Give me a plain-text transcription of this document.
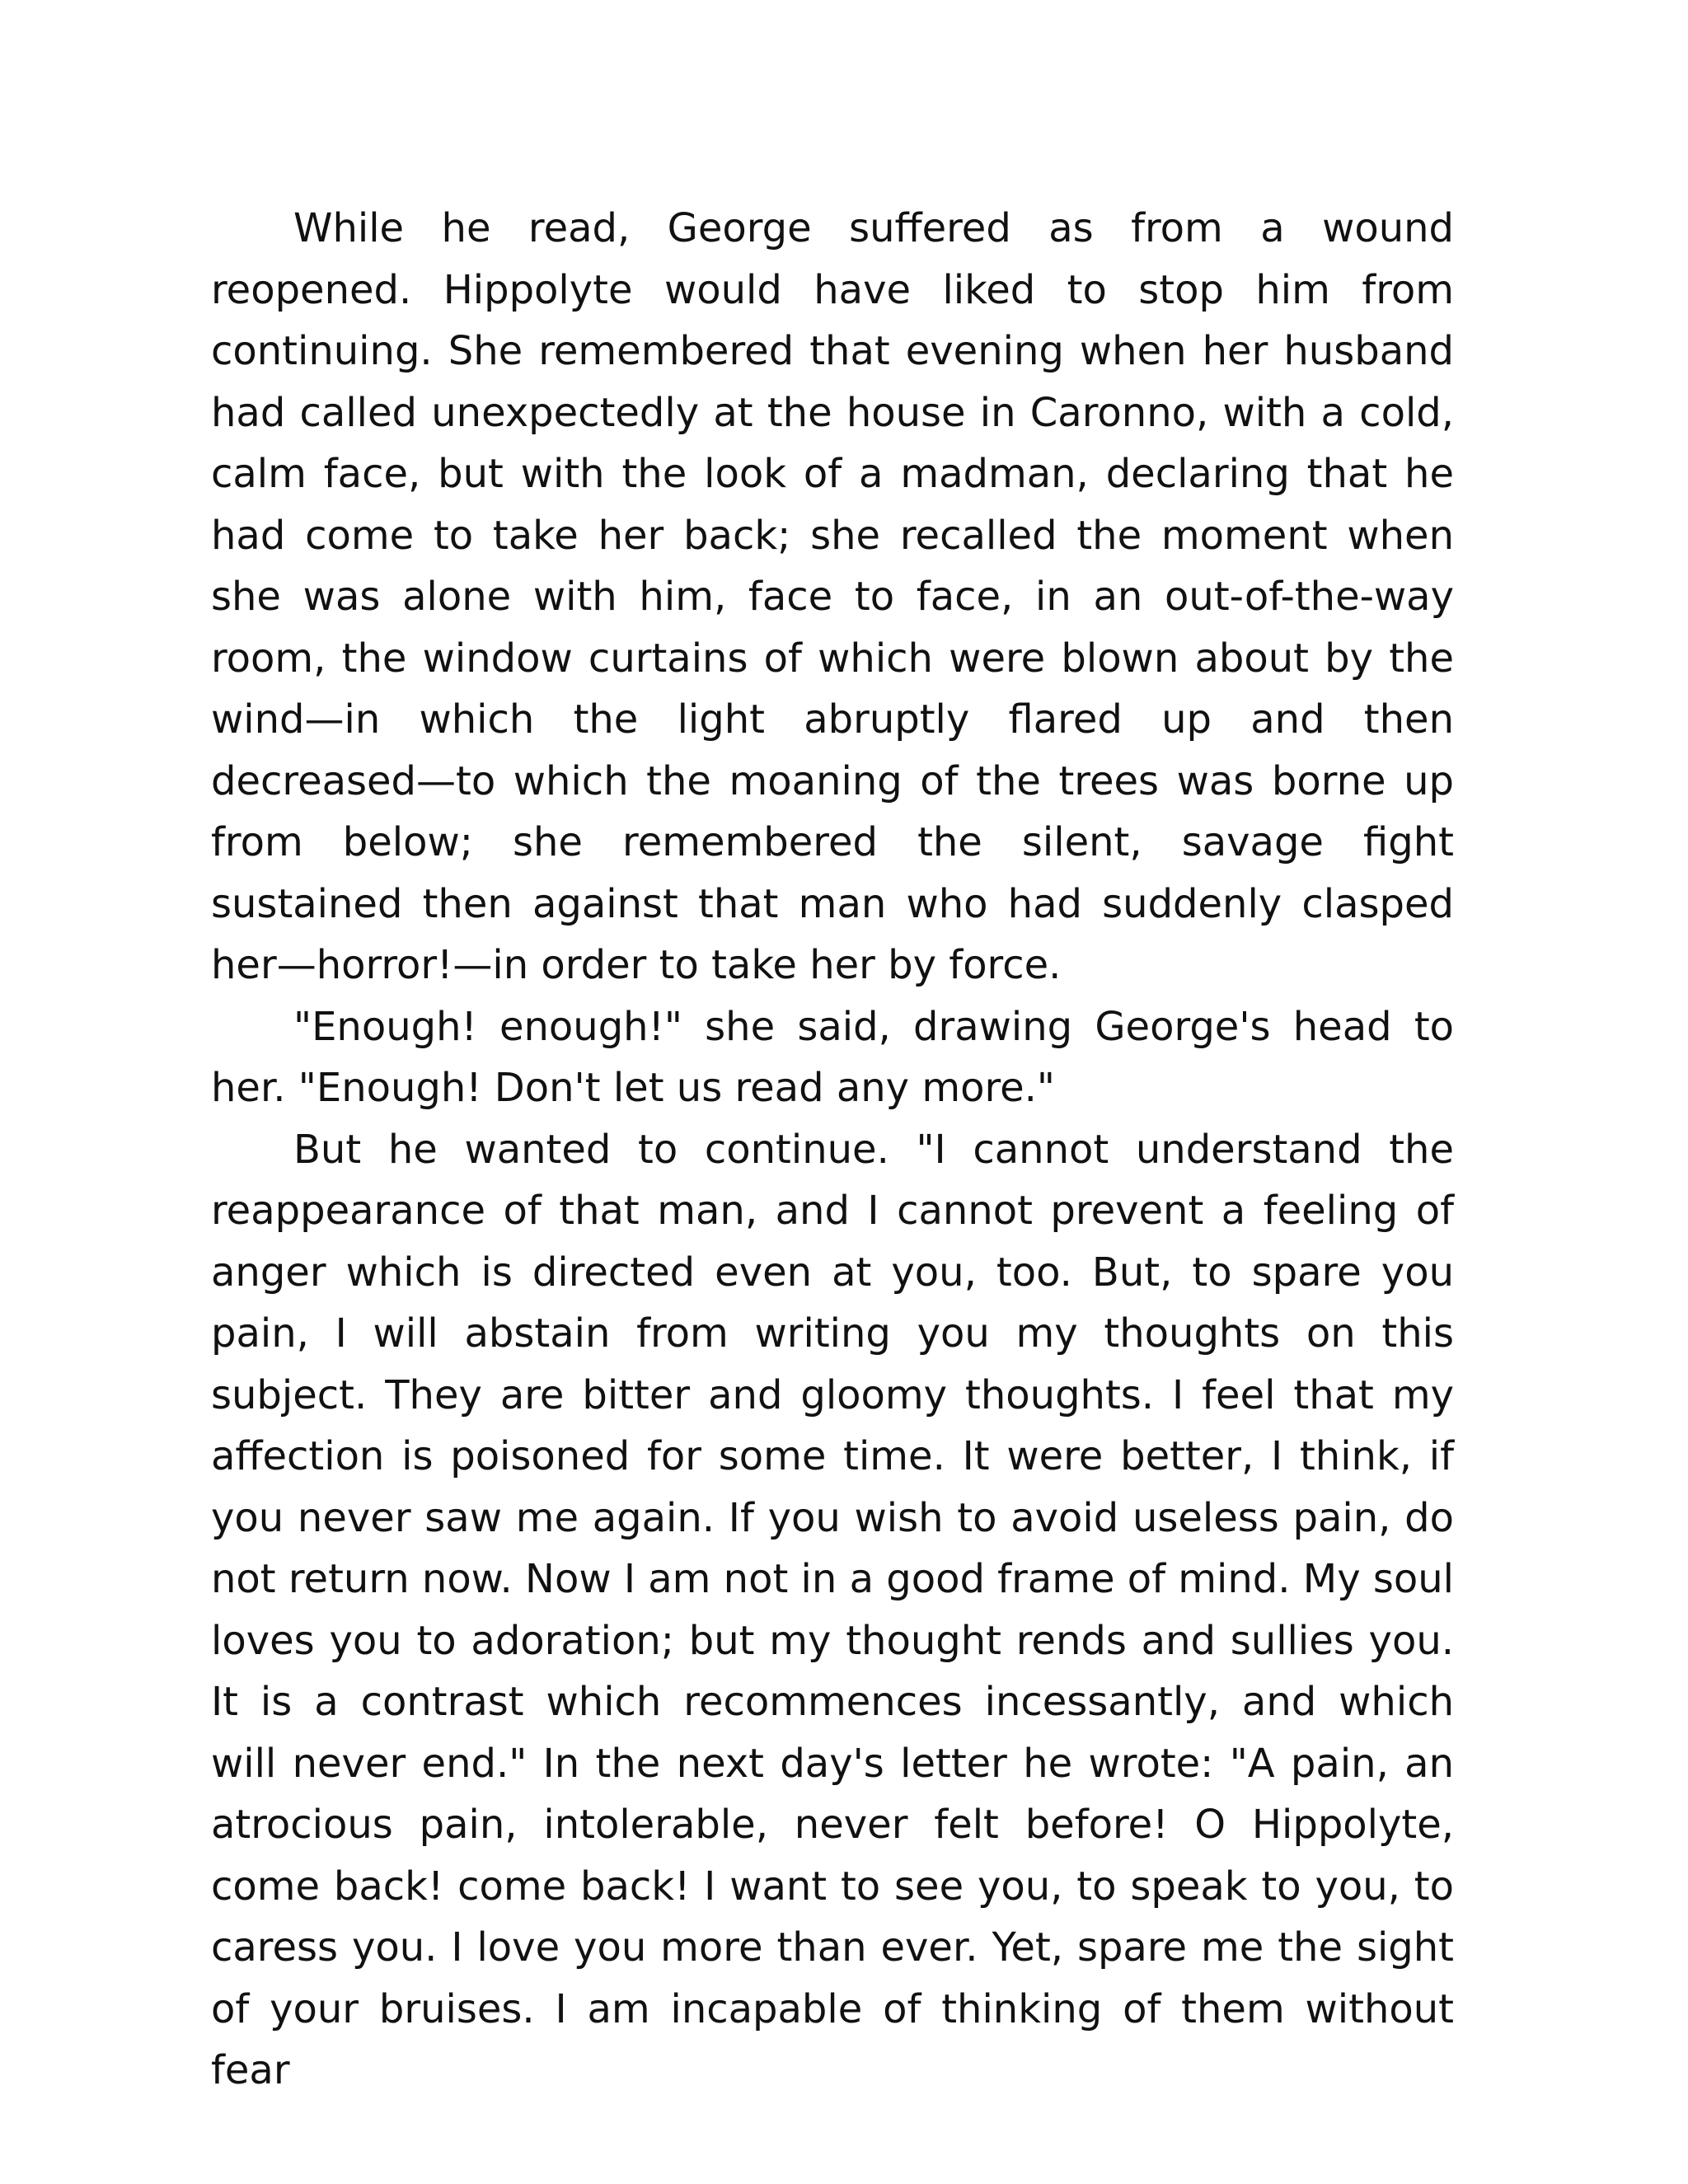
While he read, George suffered as from a wound reopened. Hippolyte would have liked to stop him from continuing. She remembered that evening when her husband had called unexpectedly at the house in Caronno, with a cold, calm face, but with the look of a madman, declaring that he had come to take her back; she recalled the moment when she was alone with him, face to face, in an out-of-the-way room, the window curtains of which were blown about by the wind—in which the light abruptly flared up and then decreased—to which the moaning of the trees was borne up from below; she remembered the silent, savage fight sustained then against that man who had suddenly clasped her—horror!—in order to take her by force.

"Enough! enough!" she said, drawing George's head to her. "Enough! Don't let us read any more."

But he wanted to continue. "I cannot understand the reappearance of that man, and I cannot prevent a feeling of anger which is directed even at you, too. But, to spare you pain, I will abstain from writing you my thoughts on this subject. They are bitter and gloomy thoughts. I feel that my affection is poisoned for some time. It were better, I think, if you never saw me again. If you wish to avoid useless pain, do not return now. Now I am not in a good frame of mind. My soul loves you to adoration; but my thought rends and sullies you. It is a contrast which recommences incessantly, and which will never end." In the next day's letter he wrote: "A pain, an atrocious pain, intolerable, never felt before! O Hippolyte, come back! come back! I want to see you, to speak to you, to caress you. I love you more than ever. Yet, spare me the sight of your bruises. I am incapable of thinking of them without fear
